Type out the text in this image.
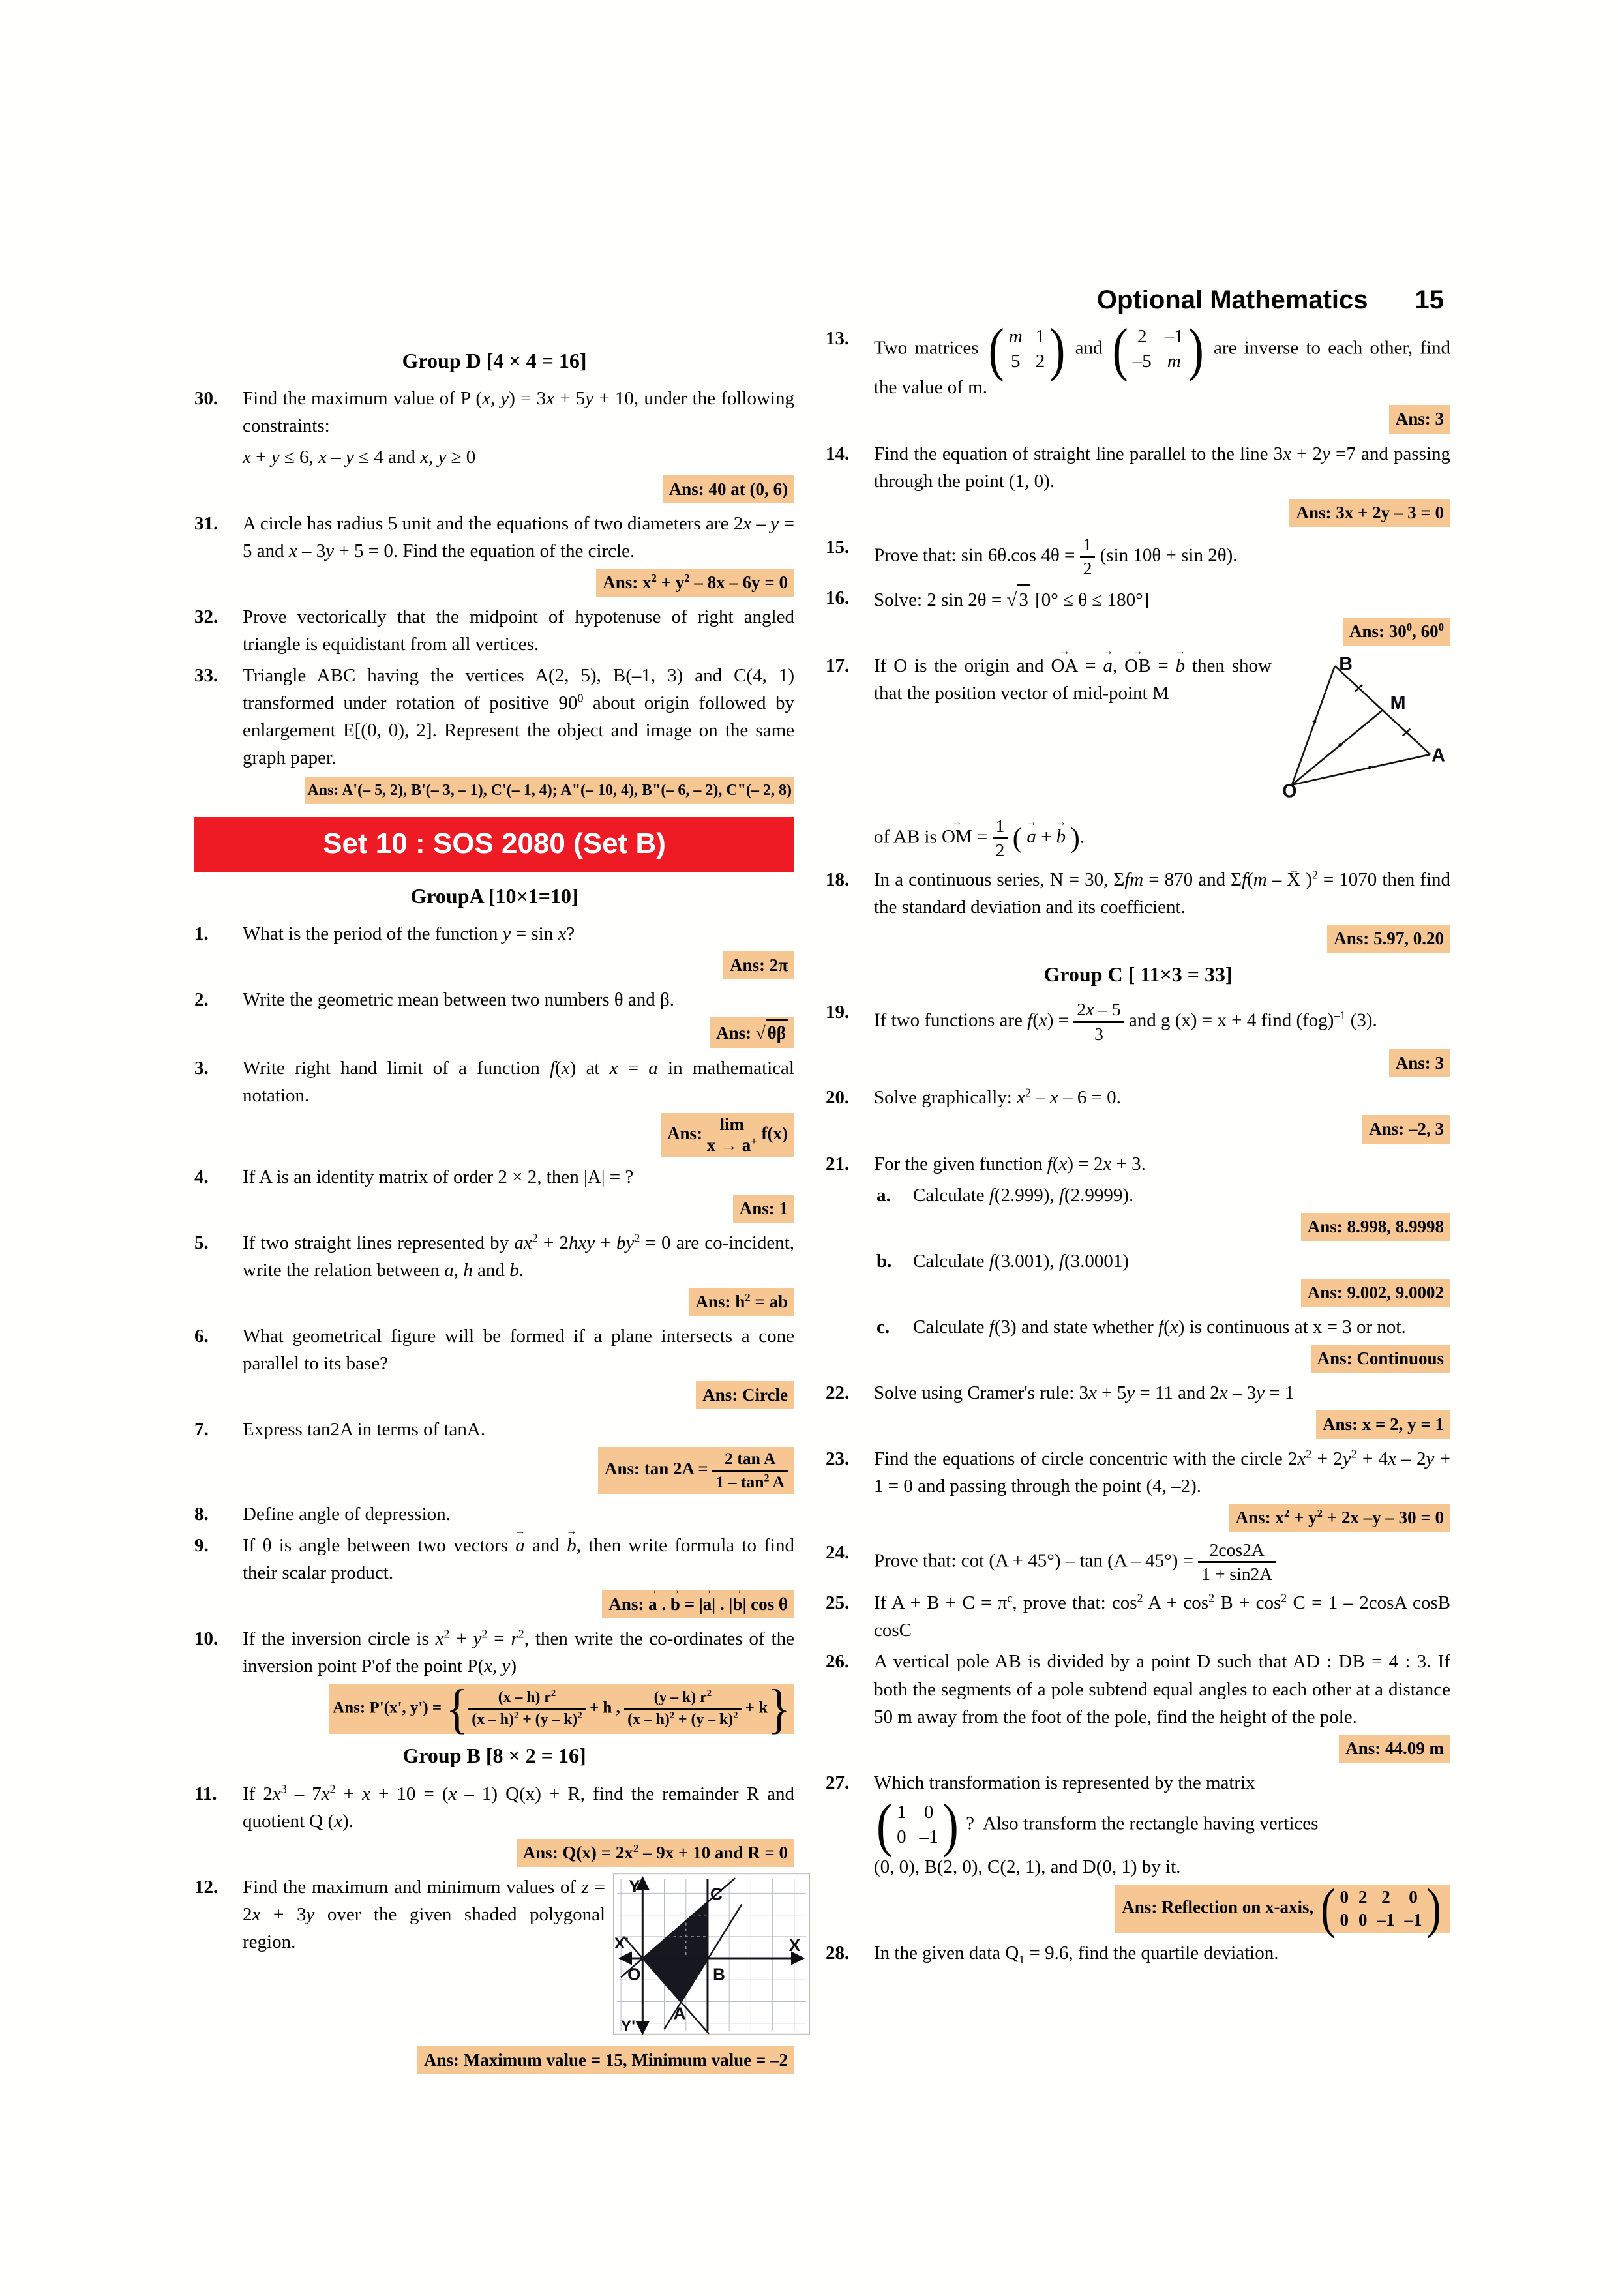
Optional Mathematics 15
Group D [4 × 4 = 16]
30.	Find the maximum value of P (x, y) = 3x + 5y + 10, under the following constraints:
x + y ≤ 6, x – y ≤ 4 and x, y ≥ 0
Ans: 40 at (0, 6)
31.	A circle has radius 5 unit and the equations of two diameters are 2x – y = 5 and x – 3y + 5 = 0. Find the equation of the circle.
Ans: $x^2 + y^2 - 8x - 6y = 0$
32.	Prove vectorically that the midpoint of hypotenuse of right angled triangle is equidistant from all vertices.
33.	Triangle ABC having the vertices A(2, 5), B(–1, 3) and C(4, 1) transformed under rotation of positive $90^0$ about origin followed by enlargement E[(0, 0), 2]. Represent the object and image on the same graph paper.
Ans: A'(– 5, 2), B'(– 3, – 1), C'(– 1, 4); A"(– 10, 4), B"(– 6, – 2), C"(– 2, 8)
Set 10 : SOS 2080 (Set B)
GroupA [10×1=10]
1.	What is the period of the function y = sin x?
Ans: 2π
2.	Write the geometric mean between two numbers θ and β.
Ans: √ θβ
3.	Write right hand limit of a function f(x) at x = a in mathematical notation.
Ans: lim
x → a+ f(x)
4.	If A is an identity matrix of order 2 × 2, then |A| = ?
Ans: 1
5.	If two straight lines represented by $ax^2 + 2hxy + by^2 = 0$ are co-incident, write the relation between a, h and b.
Ans: $h^2$ = ab
6.	What geometrical figure will be formed if a plane intersects a cone parallel to its base?
Ans: Circle
7.	Express tan2A in terms of tanA.
Ans: $\tan 2A = \frac{\text{2 tan A}}{1 - \tan^2 A}$
8.	Define angle of depression.
9.	If θ is angle between two vectors a → and b →, then write formula to find their scalar product.
Ans: a → . b → = |a →| . |b →| cos θ
10.	If the inversion circle is $x^2 + y^2 = r^2$, then write the co-ordinates of the inversion point P'of the point P(x, y)
Ans: P'(x', y') = { $\frac{(x - h) r^2}{(x - h)^2 + (y - k)^2} + h$ , $\frac{(y - k) r^2}{(x - h)^2 + (y - k)^2} + k$}
Group B [8 × 2 = 16]
11.	If $2x^3 - 7x^2 + x + 10 = (x - 1) Q(x) + R$, find the remainder R and quotient Q (x).
Ans: $Q(x) = 2x^2 - 9x + 10$ and R = 0
12.	Find the maximum and minimum values of z = 2x + 3y over the given shaded polygonal region.
Y	C
X'
O	B
X
A
Y'
Ans: Maximum value = 15, Minimum value = –2
13.	Two matrices ( m 1
5 2 ) and ( 2 –1
–5 m ) are inverse to each other, find the value of m.
Ans: 3
14.	Find the equation of straight line parallel to the line 3x + 2y =7 and passing through the point (1, 0).
Ans: 3x + 2y – 3 = 0
15.	Prove that: sin 6θ.cos $4\theta = \frac{1}{2} (\sin$ 10θ + sin 2θ).
16.	Solve: 2 sin 2θ = √ 3 [0° ≤ θ ≤ 180°]
Ans: $30^0$, $60^0$
17.	If O is the origin and OA → = a →, OB → = b → then show that the position vector of mid-point M
B
M
A
O
of AB is OM → = $\frac{1}{2}$ ( a → + b → ).
18.	In a continuous series, N = 30, Σfm = 870 and Σf(m – X̄ )$^2$ = 1070 then find the standard deviation and its coefficient.
Ans: 5.97, 0.20
Group C [ 11×3 = 33]
19.	If two functions are $f(x) = \frac{2x - 5}{3}$ and g (x) = x + 4 find (fog)$^{-1}$ (3).
Ans: 3
20.	Solve graphically: $x^2 - x - 6 = 0$.
Ans: –2, 3
21.	For the given function f(x) = 2x + 3.
a.	Calculate f(2.999), f(2.9999).
Ans: 8.998, 8.9998
b.	Calculate f(3.001), f(3.0001)
Ans: 9.002, 9.0002
c.	Calculate f(3) and state whether f(x) is continuous at x = 3 or not.
Ans: Continuous
22.	Solve using Cramer's rule: 3x + 5y = 11 and 2x – 3y = 1
Ans: x = 2, y = 1
23.	Find the equations of circle concentric with the circle $2x^2 + 2y^2 + 4x - 2y + 1 = 0$ and passing through the point (4, –2).
Ans: $x^2 + y^2 + 2x$ –y – 30 = 0
24.	Prove that: $\cot (A + 45^\circ) - \tan (A - 45^\circ) = \frac{2\cos 2A}{1 + \sin 2A}$
25.	If $A + B + C = \pi^c$, prove that: $\cos^2 A + \cos^2 B + \cos^2 C = 1 - 2\cos A$ cosB cosC
26.	A vertical pole AB is divided by a point D such that AD : DB = 4 : 3. If both the segments of a pole subtend equal angles to each other at a distance 50 m away from the foot of the pole, find the height of the pole.
Ans: 44.09 m
27.	Which transformation is represented by the matrix
( 1 0
0 –1 ) ?  Also transform the rectangle having vertices
(0, 0), B(2, 0), C(2, 1), and D(0, 1) by it.
Ans: Reflection on x-axis, ( 0 2 2 0
0 0 –1 –1 )
28.	In the given data $Q_1 = 9.6$, find the quartile deviation.
